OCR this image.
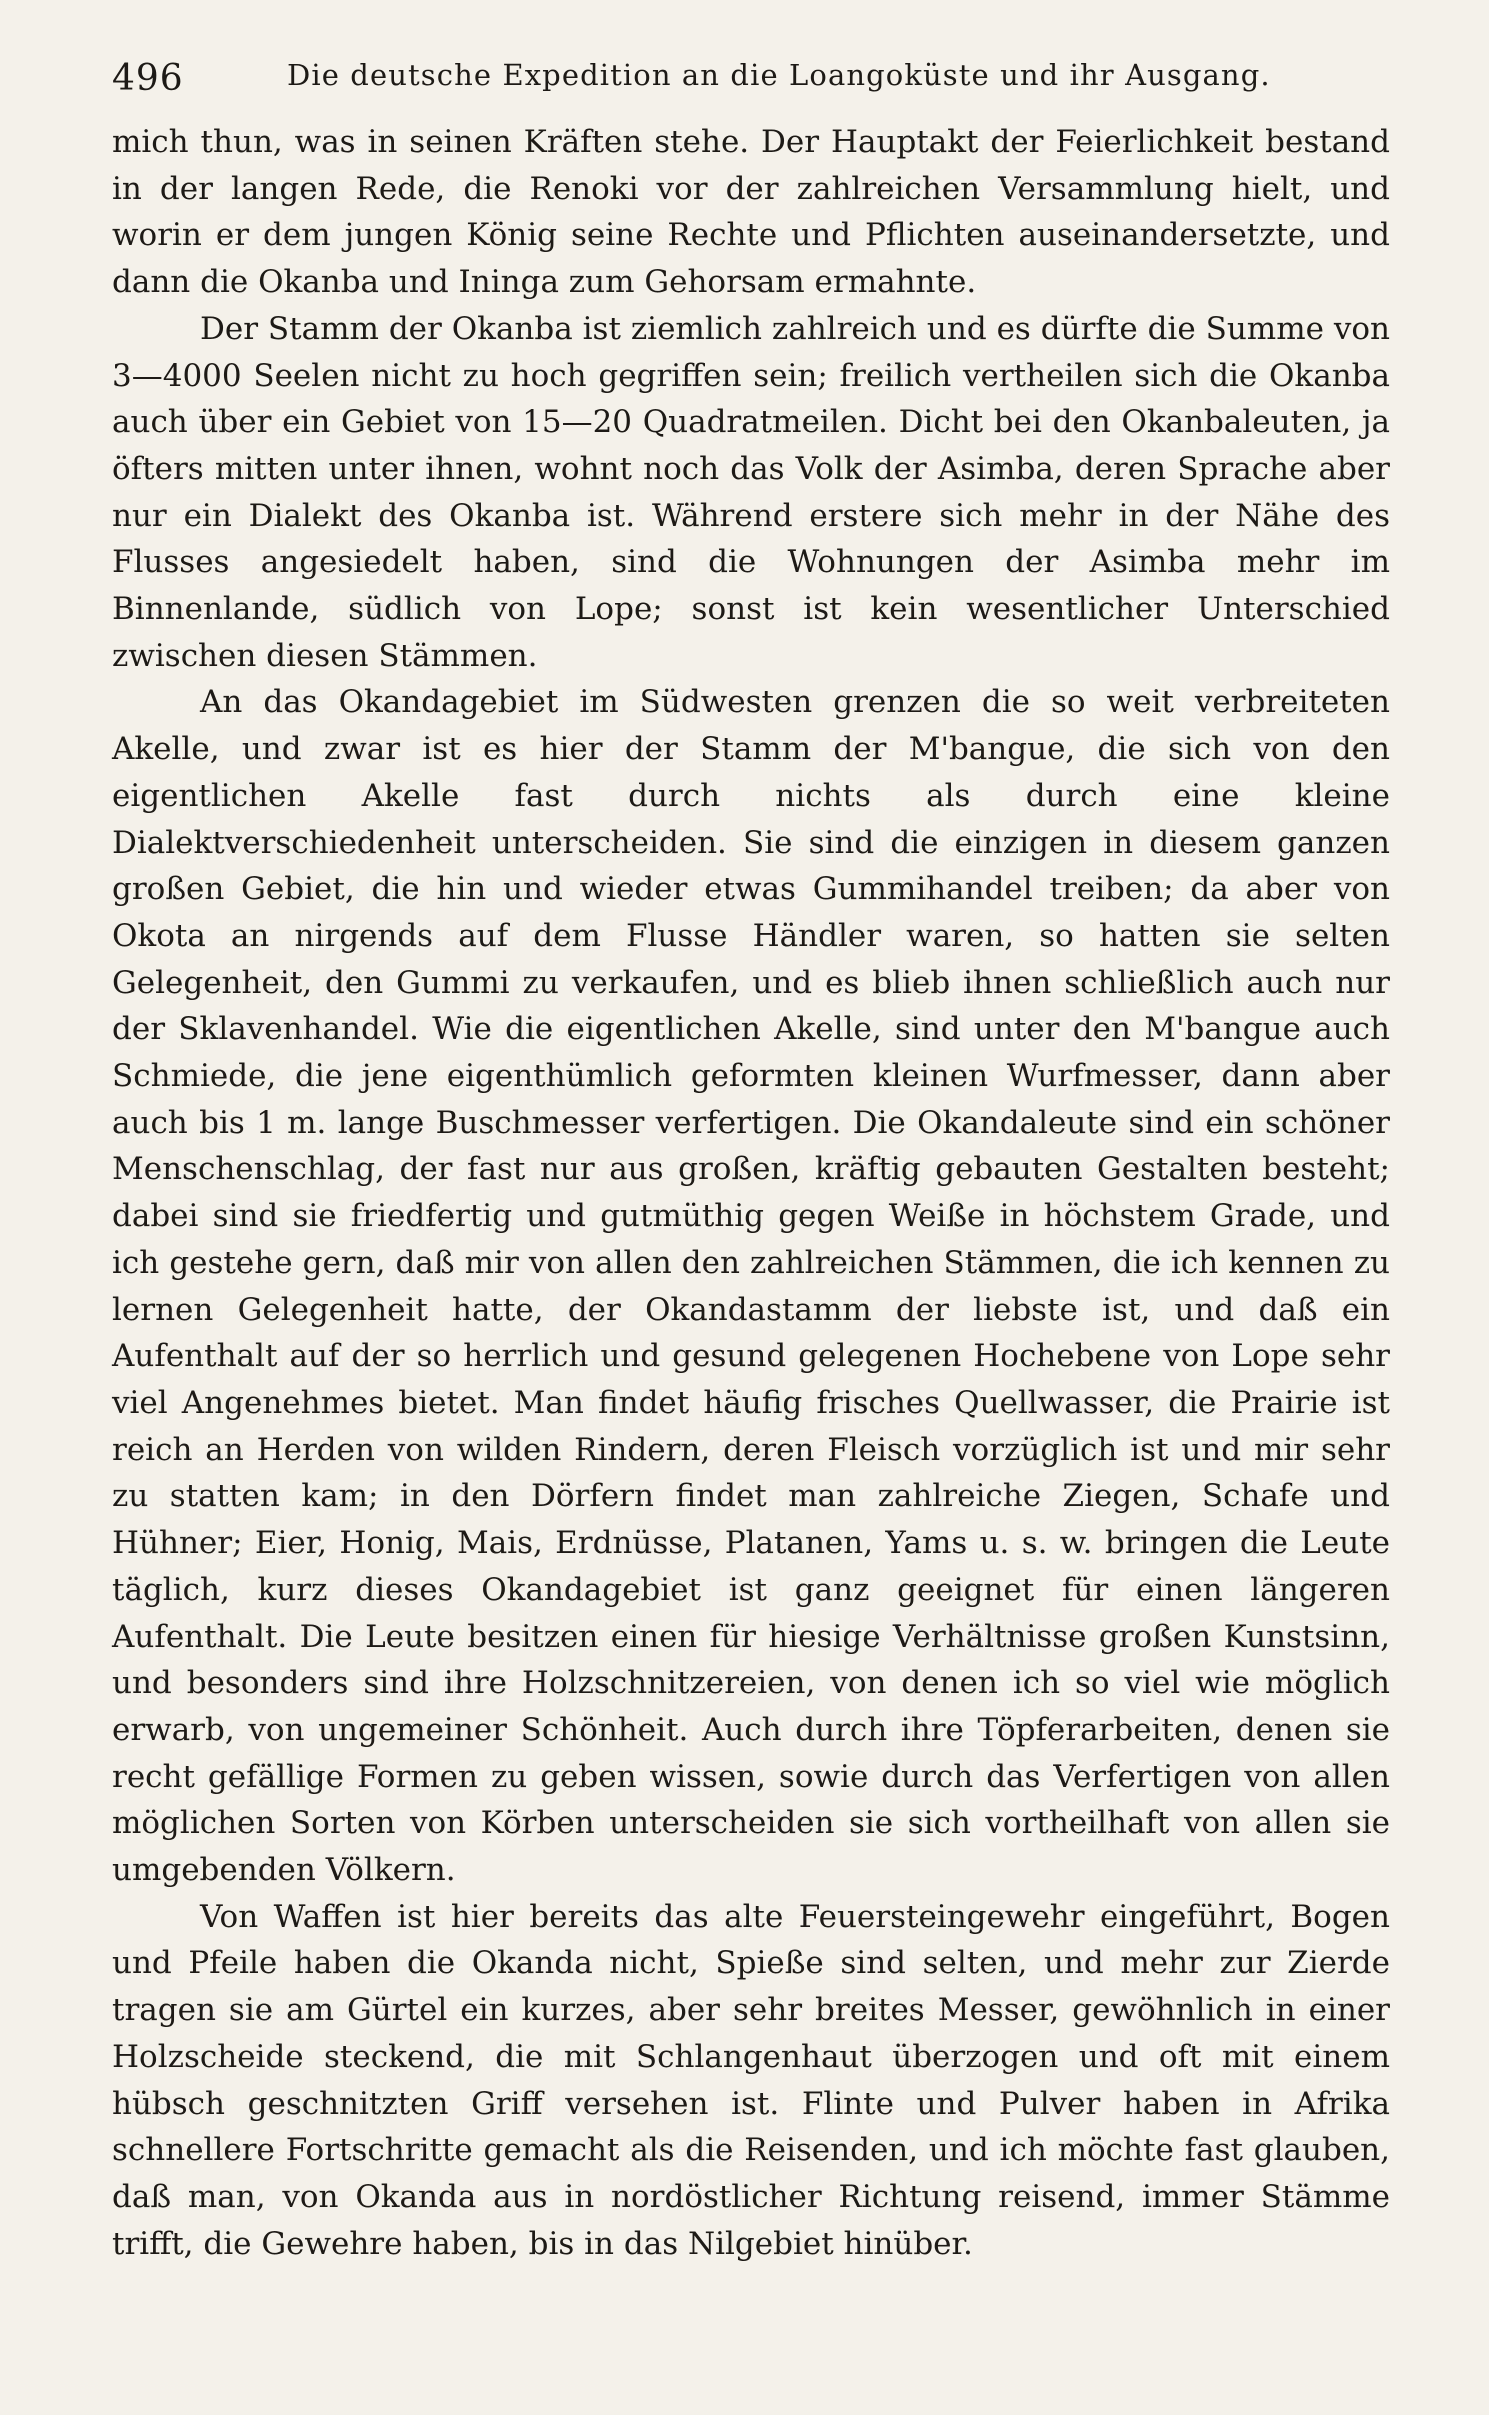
496	Die deutsche Expedition an die Loangoküste und ihr Ausgang.

mich thun, was in seinen Kräften stehe. Der Hauptakt der Feierlichkeit bestand in der langen Rede, die Renoki vor der zahlreichen Versammlung hielt, und worin er dem jungen König seine Rechte und Pflichten auseinandersetzte, und dann die Okanba und Ininga zum Gehorsam ermahnte.

Der Stamm der Okanba ist ziemlich zahlreich und es dürfte die Summe von 3—4000 Seelen nicht zu hoch gegriffen sein; freilich vertheilen sich die Okanba auch über ein Gebiet von 15—20 Quadratmeilen. Dicht bei den Okanbaleuten, ja öfters mitten unter ihnen, wohnt noch das Volk der Asimba, deren Sprache aber nur ein Dialekt des Okanba ist. Während erstere sich mehr in der Nähe des Flusses angesiedelt haben, sind die Wohnungen der Asimba mehr im Binnenlande, südlich von Lope; sonst ist kein wesentlicher Unterschied zwischen diesen Stämmen.

An das Okandagebiet im Südwesten grenzen die so weit verbreiteten Akelle, und zwar ist es hier der Stamm der M'bangue, die sich von den eigentlichen Akelle fast durch nichts als durch eine kleine Dialektverschiedenheit unterscheiden. Sie sind die einzigen in diesem ganzen großen Gebiet, die hin und wieder etwas Gummihandel treiben; da aber von Okota an nirgends auf dem Flusse Händler waren, so hatten sie selten Gelegenheit, den Gummi zu verkaufen, und es blieb ihnen schließlich auch nur der Sklavenhandel. Wie die eigentlichen Akelle, sind unter den M'bangue auch Schmiede, die jene eigenthümlich geformten kleinen Wurfmesser, dann aber auch bis 1 m. lange Buschmesser verfertigen. Die Okandaleute sind ein schöner Menschenschlag, der fast nur aus großen, kräftig gebauten Gestalten besteht; dabei sind sie friedfertig und gutmüthig gegen Weiße in höchstem Grade, und ich gestehe gern, daß mir von allen den zahlreichen Stämmen, die ich kennen zu lernen Gelegenheit hatte, der Okandastamm der liebste ist, und daß ein Aufenthalt auf der so herrlich und gesund gelegenen Hochebene von Lope sehr viel Angenehmes bietet. Man findet häufig frisches Quellwasser, die Prairie ist reich an Herden von wilden Rindern, deren Fleisch vorzüglich ist und mir sehr zu statten kam; in den Dörfern findet man zahlreiche Ziegen, Schafe und Hühner; Eier, Honig, Mais, Erdnüsse, Platanen, Yams u. s. w. bringen die Leute täglich, kurz dieses Okandagebiet ist ganz geeignet für einen längeren Aufenthalt. Die Leute besitzen einen für hiesige Verhältnisse großen Kunstsinn, und besonders sind ihre Holzschnitzereien, von denen ich so viel wie möglich erwarb, von ungemeiner Schönheit. Auch durch ihre Töpferarbeiten, denen sie recht gefällige Formen zu geben wissen, sowie durch das Verfertigen von allen möglichen Sorten von Körben unterscheiden sie sich vortheilhaft von allen sie umgebenden Völkern.

Von Waffen ist hier bereits das alte Feuersteingewehr eingeführt, Bogen und Pfeile haben die Okanda nicht, Spieße sind selten, und mehr zur Zierde tragen sie am Gürtel ein kurzes, aber sehr breites Messer, gewöhnlich in einer Holzscheide steckend, die mit Schlangenhaut überzogen und oft mit einem hübsch geschnitzten Griff versehen ist. Flinte und Pulver haben in Afrika schnellere Fortschritte gemacht als die Reisenden, und ich möchte fast glauben, daß man, von Okanda aus in nordöstlicher Richtung reisend, immer Stämme trifft, die Gewehre haben, bis in das Nilgebiet hinüber.
